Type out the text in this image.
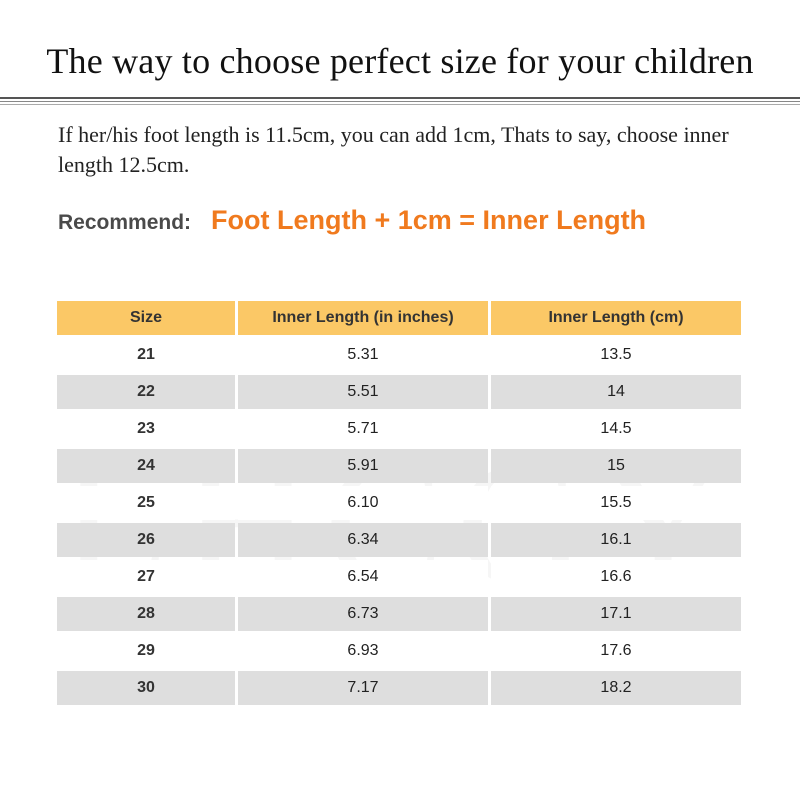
The way to choose perfect size for your children
If her/his foot length is 11.5cm, you can add 1cm, Thats to say, choose inner length 12.5cm.
Recommend: Foot Length + 1cm = Inner Length
Size	Inner Length (in inches)	Inner Length (cm)
21	5.31	13.5
22	5.51	14
23	5.71	14.5
24	5.91	15
25	6.10	15.5
26	6.34	16.1
27	6.54	16.6
28	6.73	17.1
29	6.93	17.6
30	7.17	18.2
